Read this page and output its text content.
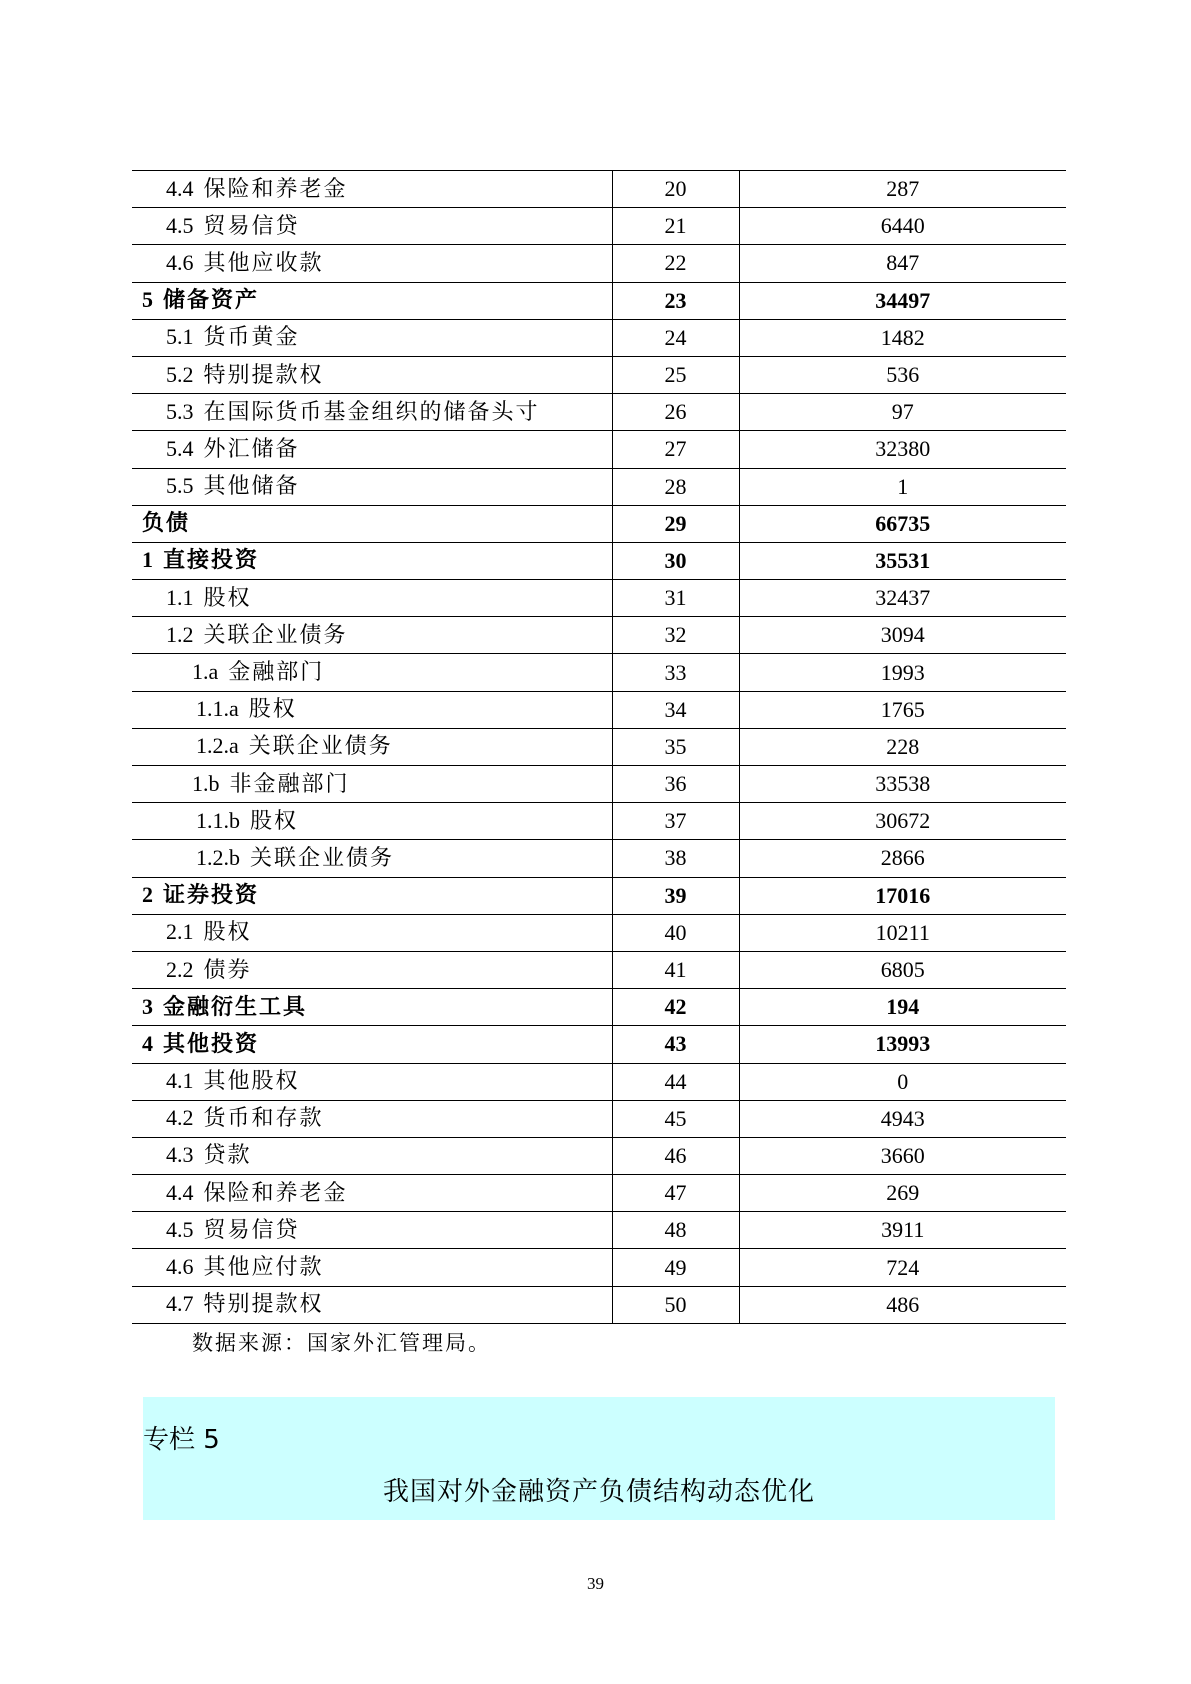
4.4 保险和养老金	20	287
4.5 贸易信贷	21	6440
4.6 其他应收款	22	847
5 储备资产	23	34497
5.1 货币黄金	24	1482
5.2 特别提款权	25	536
5.3 在国际货币基金组织的储备头寸	26	97
5.4 外汇储备	27	32380
5.5 其他储备	28	1
负债	29	66735
1 直接投资	30	35531
1.1 股权	31	32437
1.2 关联企业债务	32	3094
1.a 金融部门	33	1993
1.1.a 股权	34	1765
1.2.a 关联企业债务	35	228
1.b 非金融部门	36	33538
1.1.b 股权	37	30672
1.2.b 关联企业债务	38	2866
2 证券投资	39	17016
2.1 股权	40	10211
2.2 债券	41	6805
3 金融衍生工具	42	194
4 其他投资	43	13993
4.1 其他股权	44	0
4.2 货币和存款	45	4943
4.3 贷款	46	3660
4.4 保险和养老金	47	269
4.5 贸易信贷	48	3911
4.6 其他应付款	49	724
4.7 特别提款权	50	486
数据来源：国家外汇管理局。
专栏 5
我国对外金融资产负债结构动态优化
39
